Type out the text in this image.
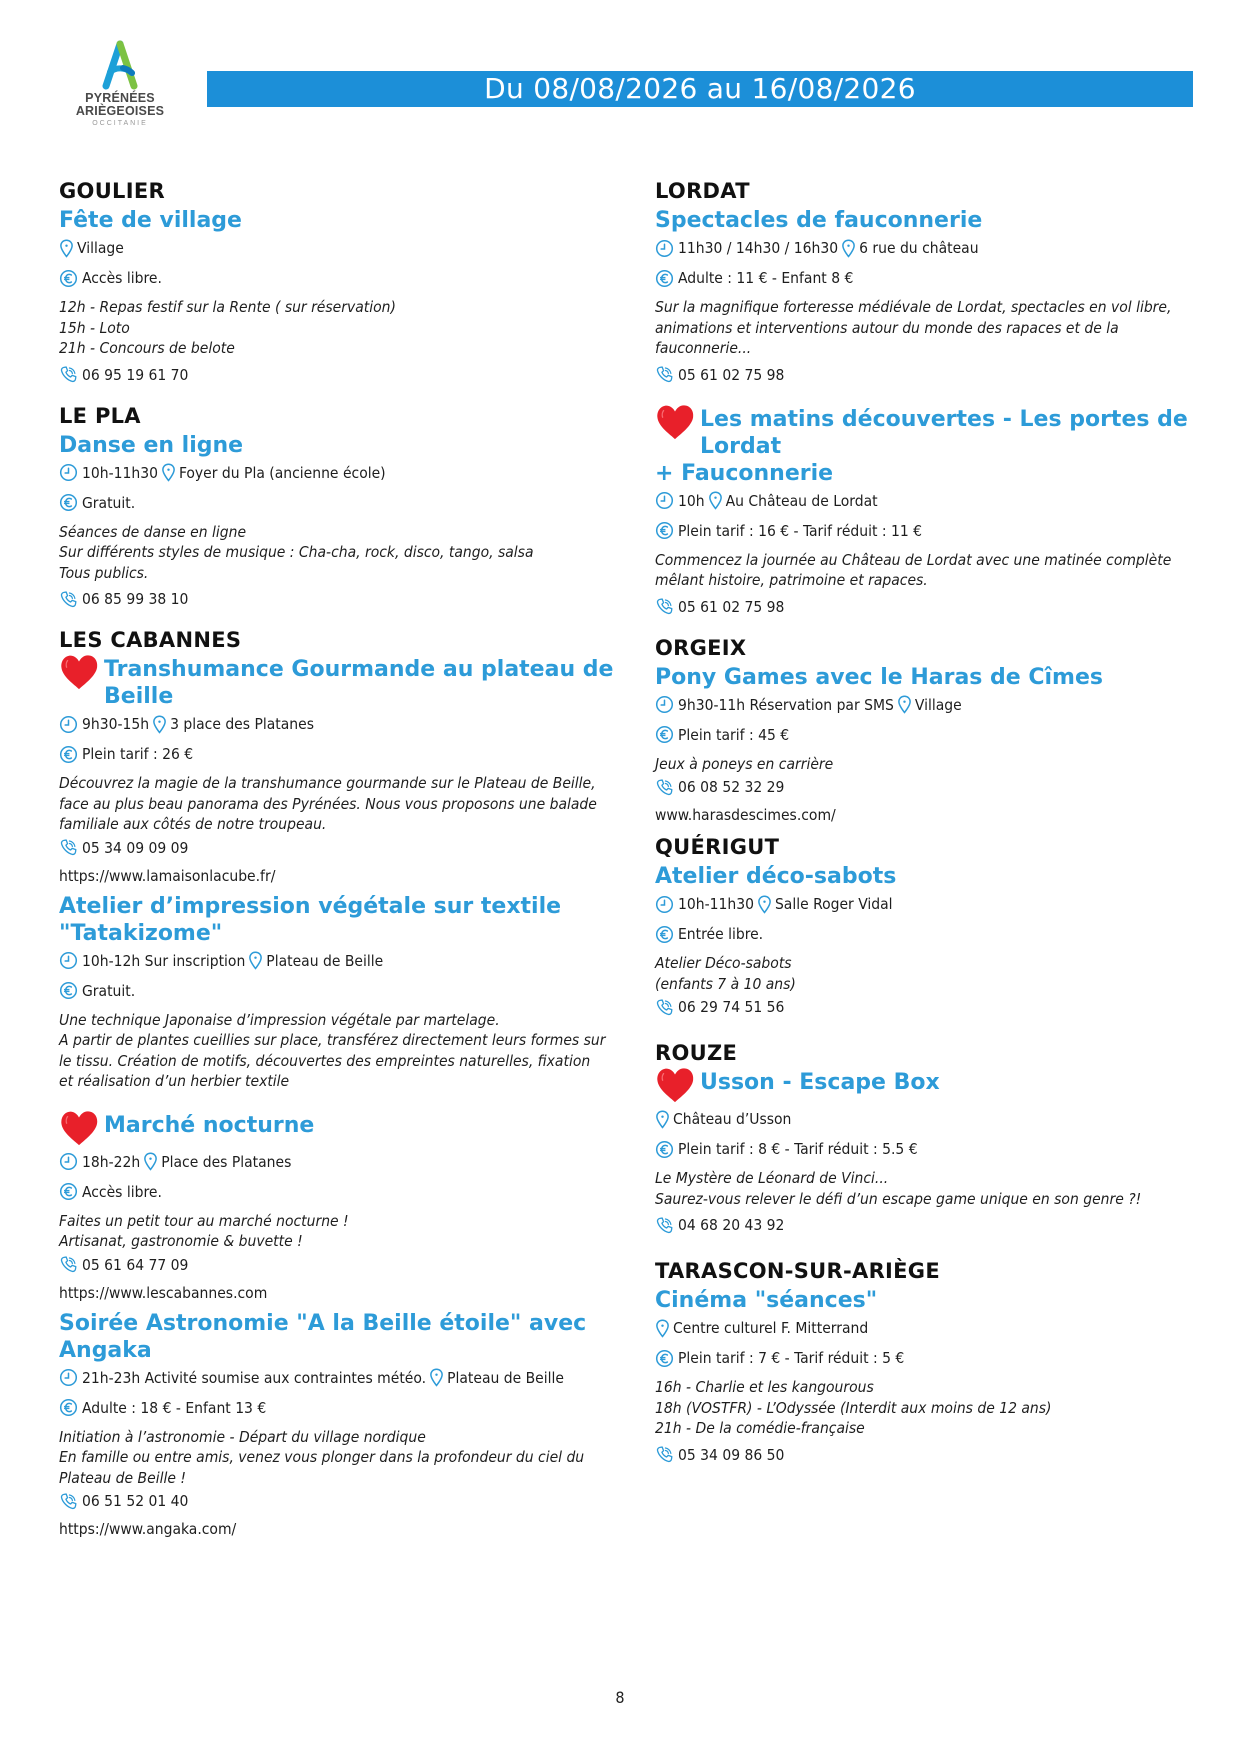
PYRÉNÉES
ARIÈGEOISES
OCCITANIE
Du 08/08/2026 au 16/08/2026
GOULIER
Fête de village
Village
Accès libre.
12h - Repas festif sur la Rente ( sur réservation)
15h - Loto
21h - Concours de belote
06 95 19 61 70
LE PLA
Danse en ligne
10h-11h30 Foyer du Pla (ancienne école)
Gratuit.
Séances de danse en ligne
Sur différents styles de musique : Cha-cha, rock, disco, tango, salsa
Tous publics.
06 85 99 38 10
LES CABANNES
Transhumance Gourmande au plateau de Beille
9h30-15h 3 place des Platanes
Plein tarif : 26 €
Découvrez la magie de la transhumance gourmande sur le Plateau de Beille,
face au plus beau panorama des Pyrénées. Nous vous proposons une balade
familiale aux côtés de notre troupeau.
05 34 09 09 09
https://www.lamaisonlacube.fr/
Atelier d’impression végétale sur textile
"Tatakizome"
10h-12h Sur inscription Plateau de Beille
Gratuit.
Une technique Japonaise d’impression végétale par martelage.
A partir de plantes cueillies sur place, transférez directement leurs formes sur
le tissu. Création de motifs, découvertes des empreintes naturelles, fixation
et réalisation d’un herbier textile
Marché nocturne
18h-22h Place des Platanes
Accès libre.
Faites un petit tour au marché nocturne !
Artisanat, gastronomie & buvette !
05 61 64 77 09
https://www.lescabannes.com
Soirée Astronomie "A la Beille étoile" avec Angaka
21h-23h Activité soumise aux contraintes météo. Plateau de Beille
Adulte : 18 € - Enfant 13 €
Initiation à l’astronomie - Départ du village nordique
En famille ou entre amis, venez vous plonger dans la profondeur du ciel du
Plateau de Beille !
06 51 52 01 40
https://www.angaka.com/
LORDAT
Spectacles de fauconnerie
11h30 / 14h30 / 16h30 6 rue du château
Adulte : 11 € - Enfant 8 €
Sur la magnifique forteresse médiévale de Lordat, spectacles en vol libre,
animations et interventions autour du monde des rapaces et de la
fauconnerie...
05 61 02 75 98
Les matins découvertes - Les portes de Lordat
+ Fauconnerie
10h Au Château de Lordat
Plein tarif : 16 € - Tarif réduit : 11 €
Commencez la journée au Château de Lordat avec une matinée complète
mêlant histoire, patrimoine et rapaces.
05 61 02 75 98
ORGEIX
Pony Games avec le Haras de Cîmes
9h30-11h Réservation par SMS Village
Plein tarif : 45 €
Jeux à poneys en carrière
06 08 52 32 29
www.harasdescimes.com/
QUÉRIGUT
Atelier déco-sabots
10h-11h30 Salle Roger Vidal
Entrée libre.
Atelier Déco-sabots
(enfants 7 à 10 ans)
06 29 74 51 56
ROUZE
Usson - Escape Box
Château d’Usson
Plein tarif : 8 € - Tarif réduit : 5.5 €
Le Mystère de Léonard de Vinci...
Saurez-vous relever le défi d’un escape game unique en son genre ?!
04 68 20 43 92
TARASCON-SUR-ARIÈGE
Cinéma "séances"
Centre culturel F. Mitterrand
Plein tarif : 7 € - Tarif réduit : 5 €
16h - Charlie et les kangourous
18h (VOSTFR) - L’Odyssée (Interdit aux moins de 12 ans)
21h - De la comédie-française
05 34 09 86 50
8
